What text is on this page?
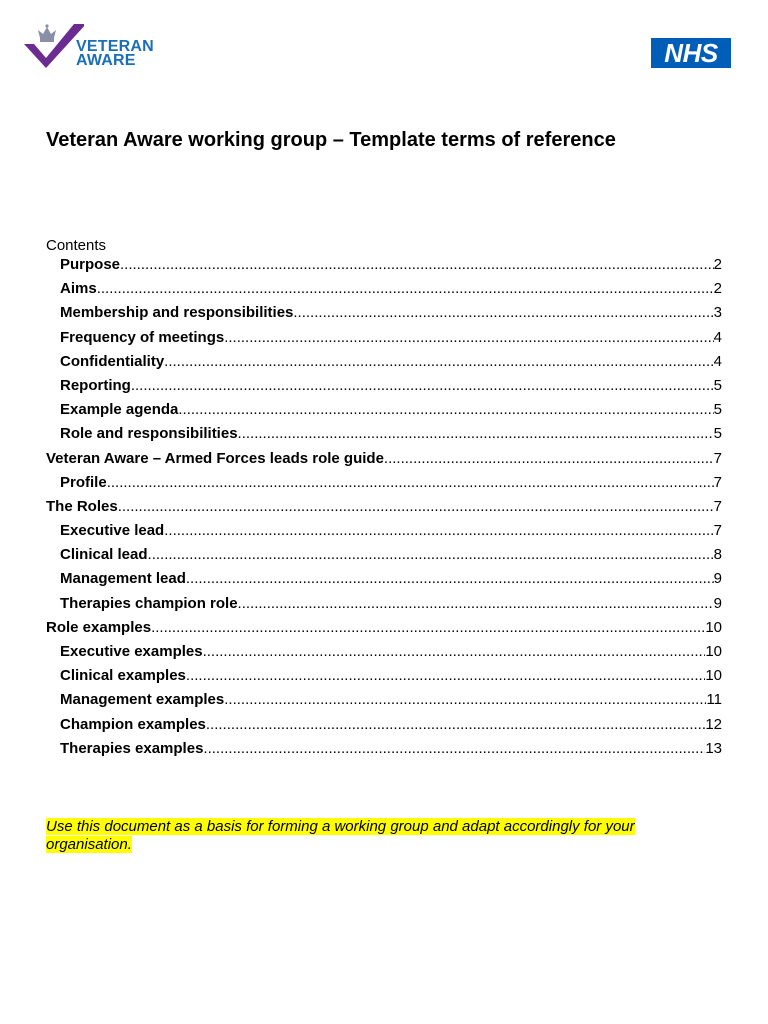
VETERAN
AWARE	NHS
Veteran Aware working group – Template terms of reference
Contents
Purpose .....	2
Aims .....	2
Membership and responsibilities .....	3
Frequency of meetings .....	4
Confidentiality .....	4
Reporting .....	5
Example agenda .....	5
Role and responsibilities .....	5
Veteran Aware – Armed Forces leads role guide .....	7
Profile .....	7
The Roles .....	7
Executive lead .....	7
Clinical lead .....	8
Management lead .....	9
Therapies champion role .....	9
Role examples .....	10
Executive examples .....	10
Clinical examples .....	10
Management examples .....	11
Champion examples .....	12
Therapies examples .....	13
Use this document as a basis for forming a working group and adapt accordingly for your organisation.
